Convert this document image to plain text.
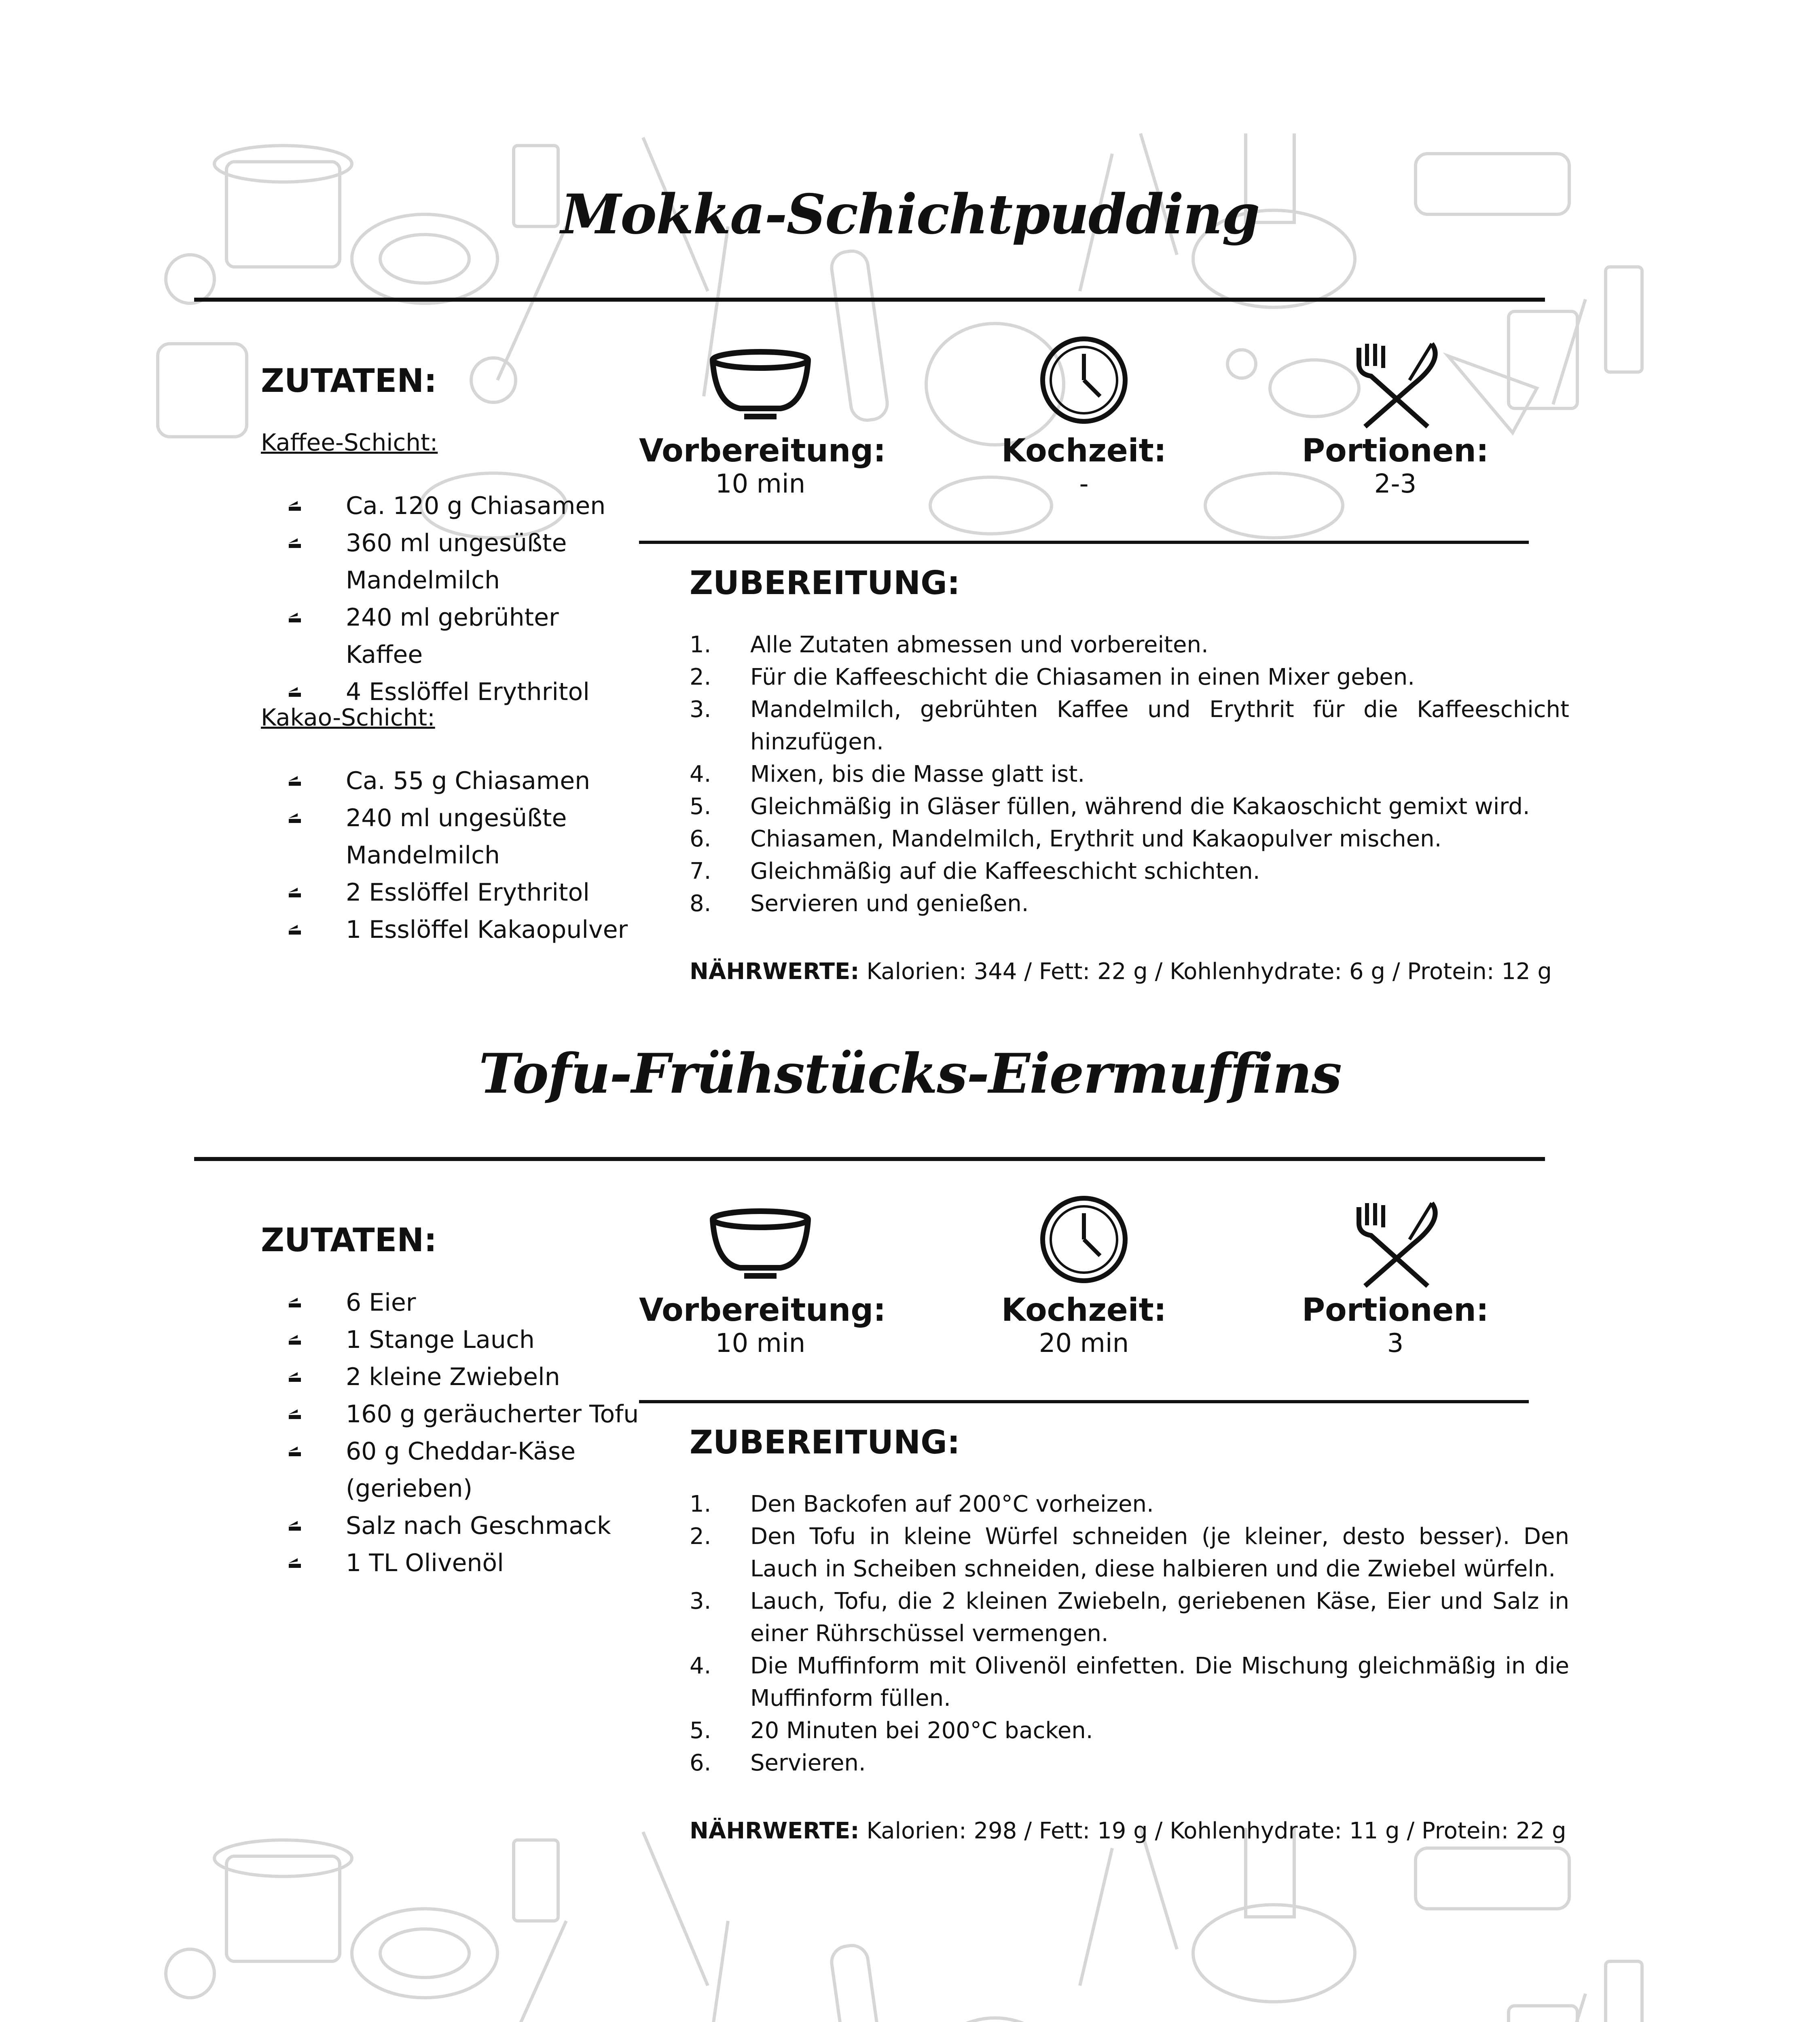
Mokka-Schichtpudding
ZUTATEN:
Kaffee-Schicht:
Ca. 120 g Chiasamen
360 ml ungesüßte Mandelmilch
240 ml gebrühter Kaffee
4 Esslöffel Erythritol
Kakao-Schicht:
Ca. 55 g Chiasamen
240 ml ungesüßte Mandelmilch
2 Esslöffel Erythritol
1 Esslöffel Kakaopulver
Vorbereitung:
10 min
Kochzeit:
-
Portionen:
2-3
ZUBEREITUNG:
1. Alle Zutaten abmessen und vorbereiten.
2. Für die Kaffeeschicht die Chiasamen in einen Mixer geben.
3. Mandelmilch, gebrühten Kaffee und Erythrit für die Kaffeeschicht hinzufügen.
4. Mixen, bis die Masse glatt ist.
5. Gleichmäßig in Gläser füllen, während die Kakaoschicht gemixt wird.
6. Chiasamen, Mandelmilch, Erythrit und Kakaopulver mischen.
7. Gleichmäßig auf die Kaffeeschicht schichten.
8. Servieren und genießen.
NÄHRWERTE: Kalorien: 344 / Fett: 22 g / Kohlenhydrate: 6 g / Protein: 12 g
Tofu-Frühstücks-Eiermuffins
ZUTATEN:
6 Eier
1 Stange Lauch
2 kleine Zwiebeln
160 g geräucherter Tofu
60 g Cheddar-Käse (gerieben)
Salz nach Geschmack
1 TL Olivenöl
Vorbereitung:
10 min
Kochzeit:
20 min
Portionen:
3
ZUBEREITUNG:
1. Den Backofen auf 200°C vorheizen.
2. Den Tofu in kleine Würfel schneiden (je kleiner, desto besser). Den Lauch in Scheiben schneiden, diese halbieren und die Zwiebel würfeln.
3. Lauch, Tofu, die 2 kleinen Zwiebeln, geriebenen Käse, Eier und Salz in einer Rührschüssel vermengen.
4. Die Muffinform mit Olivenöl einfetten. Die Mischung gleichmäßig in die Muffinform füllen.
5. 20 Minuten bei 200°C backen.
6. Servieren.
NÄHRWERTE: Kalorien: 298 / Fett: 19 g / Kohlenhydrate: 11 g / Protein: 22 g
